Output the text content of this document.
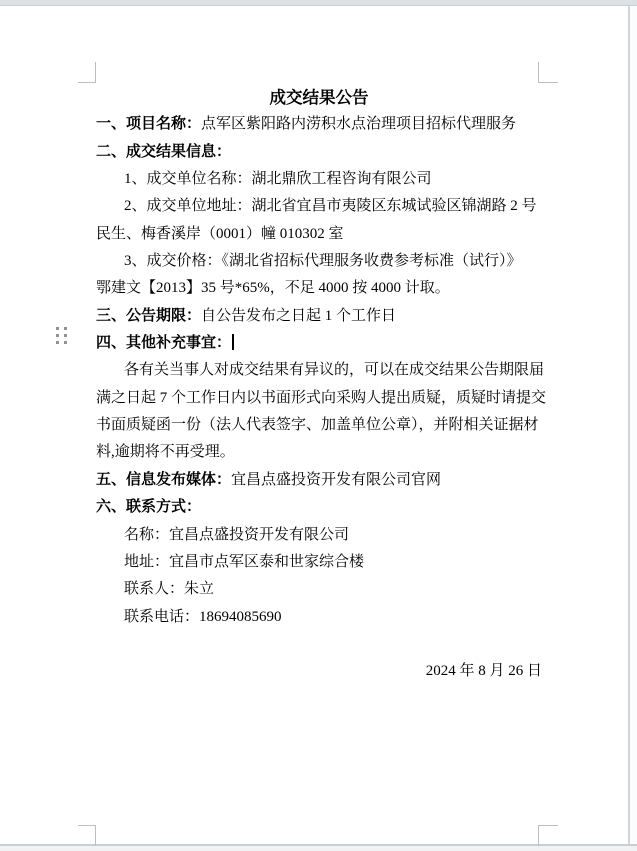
成交结果公告
一、项目名称：点军区紫阳路内涝积水点治理项目招标代理服务
二、成交结果信息：
1、成交单位名称：湖北鼎欣工程咨询有限公司
2、成交单位地址：湖北省宜昌市夷陵区东城试验区锦湖路 2 号
民生、梅香溪岸（0001）幢 010302 室
3、成交价格：《湖北省招标代理服务收费参考标准（试行）》
鄂建文【2013】35 号*65%，不足 4000 按 4000 计取。
三、公告期限：自公告发布之日起 1 个工作日
四、其他补充事宜：
各有关当事人对成交结果有异议的，可以在成交结果公告期限届
满之日起 7 个工作日内以书面形式向采购人提出质疑，质疑时请提交
书面质疑函一份（法人代表签字、加盖单位公章），并附相关证据材
料,逾期将不再受理。
五、信息发布媒体：宜昌点盛投资开发有限公司官网
六、联系方式：
名称：宜昌点盛投资开发有限公司
地址：宜昌市点军区泰和世家综合楼
联系人：朱立
联系电话：18694085690
2024 年 8 月 26 日
